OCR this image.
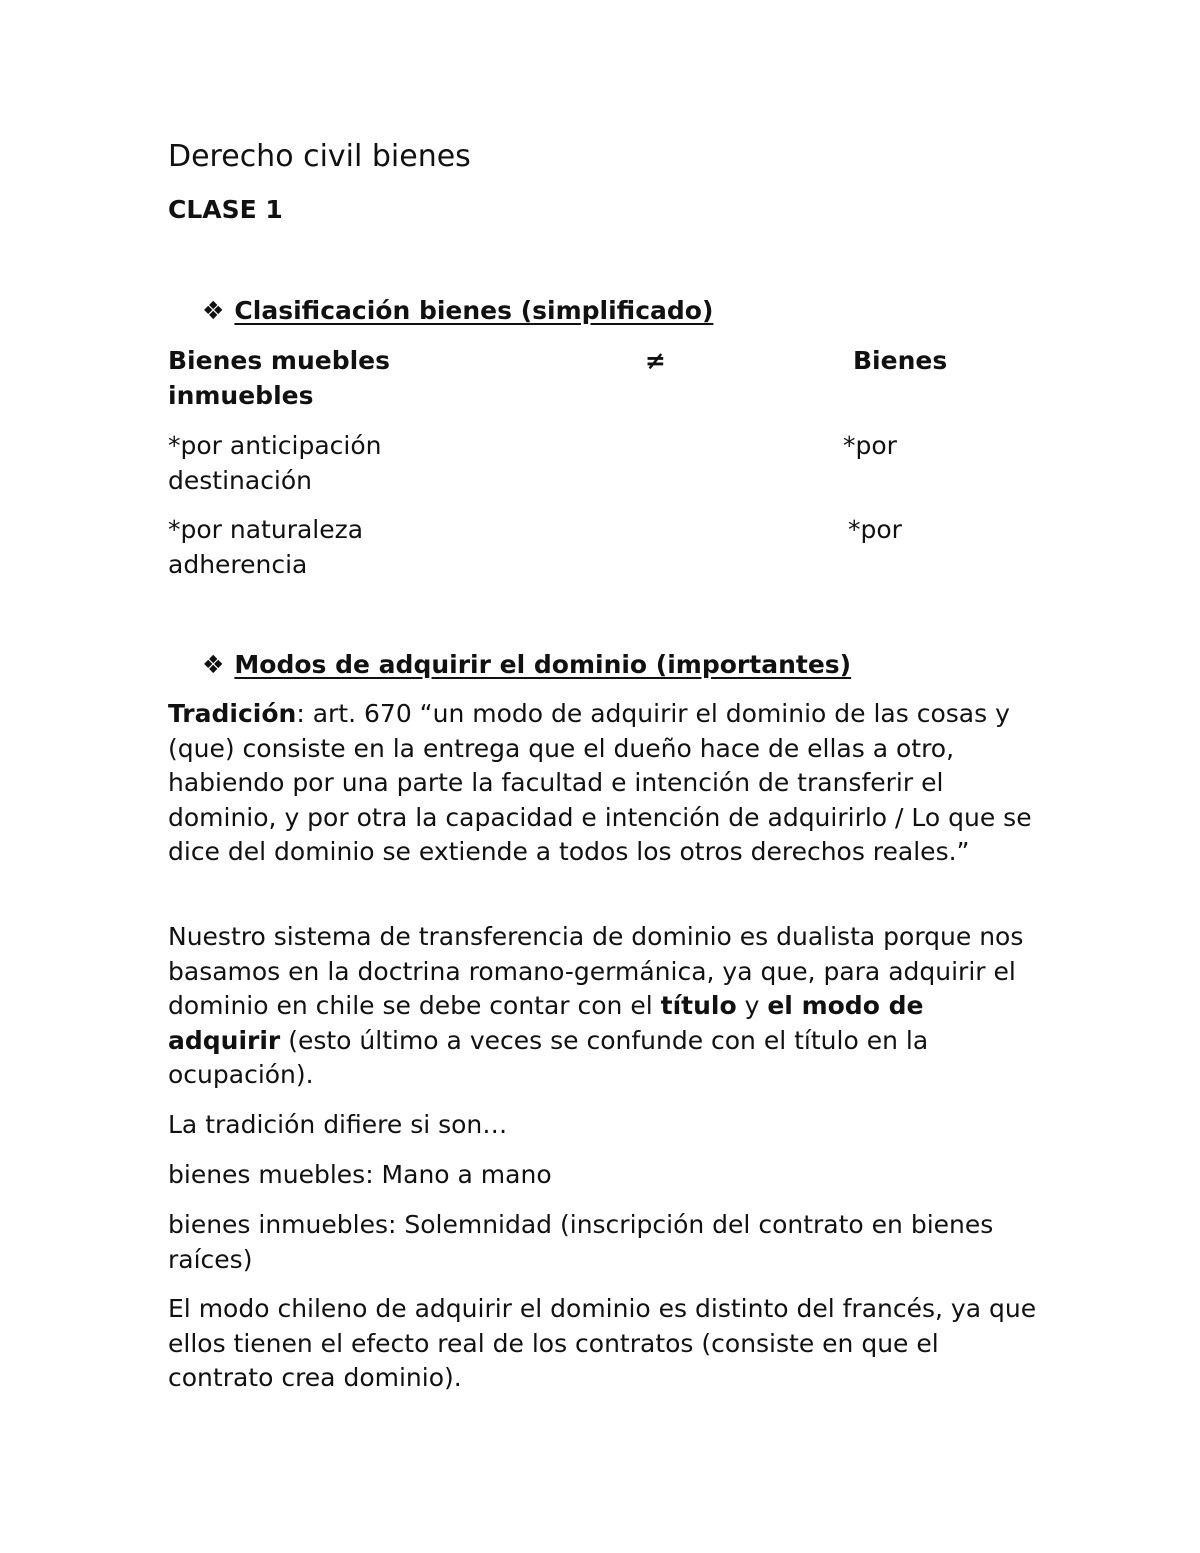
Derecho civil bienes
CLASE 1
❖ Clasificación bienes (simplificado)
Bienes muebles	≠	Bienes
inmuebles
*por anticipación	*por
destinación
*por naturaleza	*por
adherencia
❖ Modos de adquirir el dominio (importantes)

Tradición: art. 670 “un modo de adquirir el dominio de las cosas y (que) consiste en la entrega que el dueño hace de ellas a otro, habiendo por una parte la facultad e intención de transferir el dominio, y por otra la capacidad e intención de adquirirlo / Lo que se dice del dominio se extiende a todos los otros derechos reales.”

Nuestro sistema de transferencia de dominio es dualista porque nos basamos en la doctrina romano-germánica, ya que, para adquirir el dominio en chile se debe contar con el título y el modo de adquirir (esto último a veces se confunde con el título en la ocupación).

La tradición difiere si son…

bienes muebles: Mano a mano

bienes inmuebles: Solemnidad (inscripción del contrato en bienes raíces)

El modo chileno de adquirir el dominio es distinto del francés, ya que ellos tienen el efecto real de los contratos (consiste en que el contrato crea dominio).
